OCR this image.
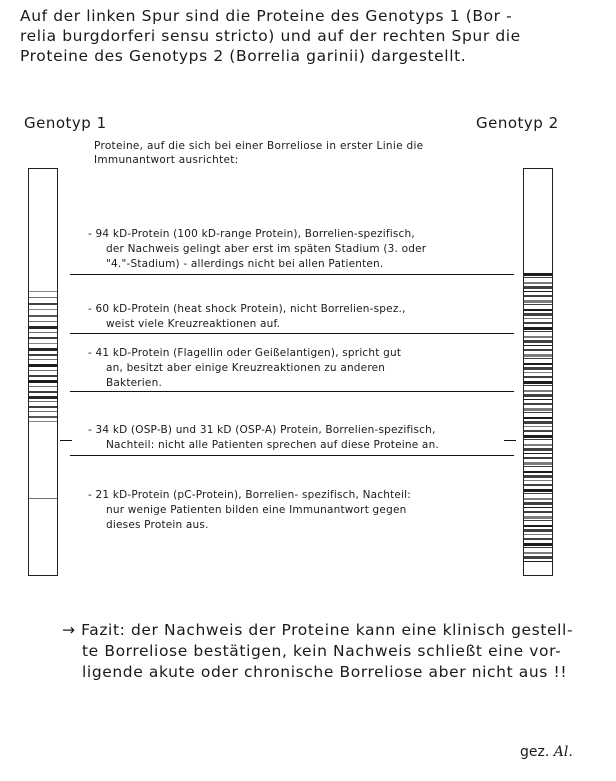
Auf der linken Spur sind die Proteine des Genotyps 1 (Bor -
relia burgdorferi sensu stricto) und auf der rechten Spur die
Proteine des Genotyps 2 (Borrelia garinii) dargestellt.
Genotyp 1	Genotyp 2
Proteine, auf die sich bei einer Borreliose in erster Linie die
Immunantwort ausrichtet:
- 94 kD-Protein (100 kD-range Protein), Borrelien-spezifisch,
der Nachweis gelingt aber erst im späten Stadium (3. oder
"4."-Stadium) - allerdings nicht bei allen Patienten.
- 60 kD-Protein (heat shock Protein), nicht Borrelien-spez.,
weist viele Kreuzreaktionen auf.
- 41 kD-Protein (Flagellin oder Geißelantigen), spricht gut
an, besitzt aber einige Kreuzreaktionen zu anderen
Bakterien.
- 34 kD (OSP-B) und 31 kD (OSP-A) Protein, Borrelien-spezifisch,
Nachteil: nicht alle Patienten sprechen auf diese Proteine an.
- 21 kD-Protein (pC-Protein), Borrelien- spezifisch, Nachteil:
nur wenige Patienten bilden eine Immunantwort gegen
dieses Protein aus.
→ Fazit: der Nachweis der Proteine kann eine klinisch gestell-
te Borreliose bestätigen, kein Nachweis schließt eine vor-
ligende akute oder chronische Borreliose aber nicht aus !!
gez. Al.
